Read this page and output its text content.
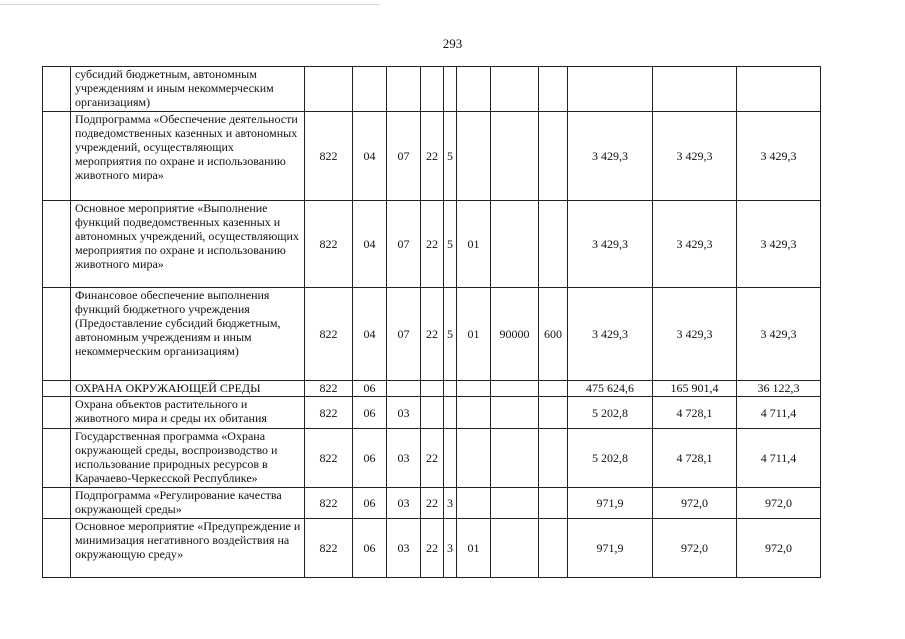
293
	субсидий бюджетным, автономным учреждениям и иным некоммерческим организациям)											
	Подпрограмма «Обеспечение деятельности подведомственных казенных и автономных учреждений, осуществляющих мероприятия по охране и использованию животного мира»	822	04	07	22	5				3 429,3	3 429,3	3 429,3
	Основное мероприятие «Выполнение функций подведомственных казенных и автономных учреждений, осуществляющих мероприятия по охране и использованию животного мира»	822	04	07	22	5	01			3 429,3	3 429,3	3 429,3
	Финансовое обеспечение выполнения функций бюджетного учреждения (Предоставление субсидий бюджетным, автономным учреждениям и иным некоммерческим организациям)	822	04	07	22	5	01	90000	600	3 429,3	3 429,3	3 429,3
	ОХРАНА ОКРУЖАЮЩЕЙ СРЕДЫ	822	06							475 624,6	165 901,4	36 122,3
	Охрана объектов растительного и животного мира и среды их обитания	822	06	03						5 202,8	4 728,1	4 711,4
	Государственная программа «Охрана окружающей среды, воспроизводство и использование природных ресурсов в Карачаево-Черкесской Республике»	822	06	03	22					5 202,8	4 728,1	4 711,4
	Подпрограмма «Регулирование качества окружающей среды»	822	06	03	22	3				971,9	972,0	972,0
	Основное мероприятие «Предупреждение и минимизация негативного воздействия на окружающую среду»	822	06	03	22	3	01			971,9	972,0	972,0
